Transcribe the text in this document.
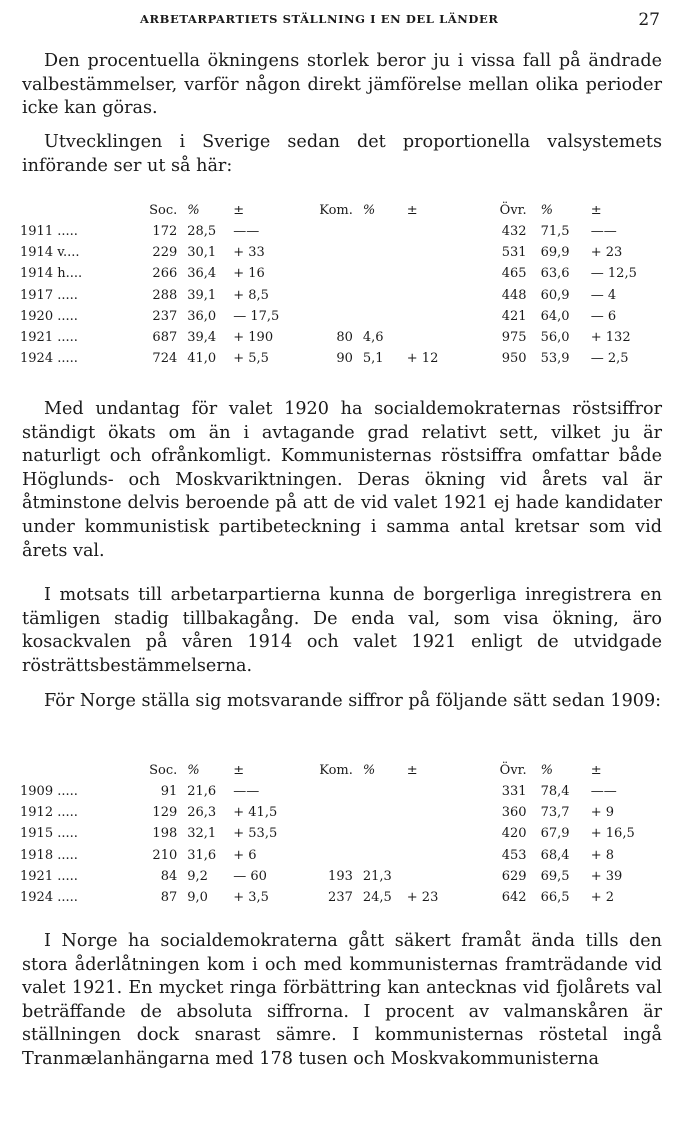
ARBETARPARTIETS STÄLLNING I EN DEL LÄNDER	27

Den procentuella ökningens storlek beror ju i vissa fall på ändrade valbestämmelser, varför någon direkt jämförelse mellan olika perioder icke kan göras.

Utvecklingen i Sverige sedan det proportionella valsystemets införande ser ut så här:

	Soc.	%	±	Kom.	%	±	Övr.	%	±
1911 .....	172	28,5	——				432	71,5	——
1914 v....	229	30,1	+ 33				531	69,9	+ 23
1914 h....	266	36,4	+ 16				465	63,6	— 12,5
1917 .....	288	39,1	+ 8,5				448	60,9	— 4
1920 .....	237	36,0	— 17,5				421	64,0	— 6
1921 .....	687	39,4	+ 190	80	4,6		975	56,0	+ 132
1924 .....	724	41,0	+ 5,5	90	5,1	+ 12	950	53,9	— 2,5

Med undantag för valet 1920 ha socialdemokraternas röstsiffror ständigt ökats om än i avtagande grad relativt sett, vilket ju är naturligt och ofrånkomligt. Kommunisternas röstsiffra omfattar både Höglunds- och Moskvariktningen. Deras ökning vid årets val är åtminstone delvis beroende på att de vid valet 1921 ej hade kandidater under kommunistisk partibeteckning i samma antal kretsar som vid årets val.

I motsats till arbetarpartierna kunna de borgerliga inregistrera en tämligen stadig tillbakagång. De enda val, som visa ökning, äro kosackvalen på våren 1914 och valet 1921 enligt de utvidgade rösträttsbestämmelserna.

För Norge ställa sig motsvarande siffror på följande sätt sedan 1909:

	Soc.	%	±	Kom.	%	±	Övr.	%	±
1909 .....	91	21,6	——				331	78,4	——
1912 .....	129	26,3	+ 41,5				360	73,7	+ 9
1915 .....	198	32,1	+ 53,5				420	67,9	+ 16,5
1918 .....	210	31,6	+ 6				453	68,4	+ 8
1921 .....	84	9,2	— 60	193	21,3		629	69,5	+ 39
1924 .....	87	9,0	+ 3,5	237	24,5	+ 23	642	66,5	+ 2

I Norge ha socialdemokraterna gått säkert framåt ända tills den stora åderlåtningen kom i och med kommunisternas framträdande vid valet 1921. En mycket ringa förbättring kan antecknas vid fjolårets val beträffande de absoluta siffrorna. I procent av valmanskåren är ställningen dock snarast sämre. I kommunisternas röstetal ingå Tranmælanhängarna med 178 tusen och Moskvakommunisterna
